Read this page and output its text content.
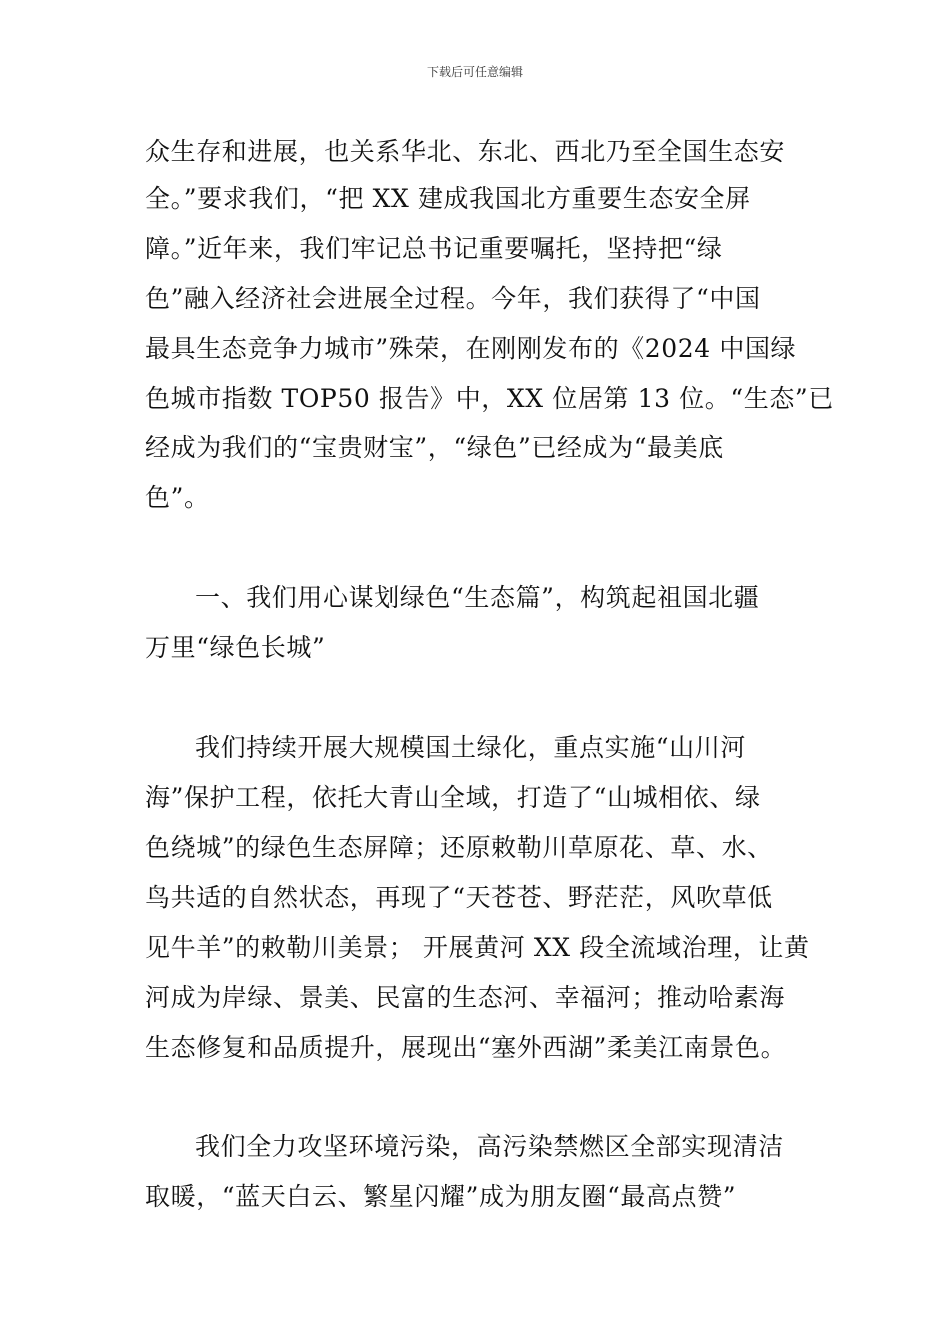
下载后可任意编辑
众生存和进展，也关系华北、东北、西北乃至全国生态安
全。”要求我们，“把 XX 建成我国北方重要生态安全屏
障。”近年来，我们牢记总书记重要嘱托，坚持把“绿
色”融入经济社会进展全过程。今年，我们获得了“中国
最具生态竞争力城市”殊荣，在刚刚发布的《2024 中国绿
色城市指数 TOP50 报告》中，XX 位居第 13 位。“生态”已
经成为我们的“宝贵财宝”，“绿色”已经成为“最美底
色”。
一、我们用心谋划绿色“生态篇”，构筑起祖国北疆
万里“绿色长城”
我们持续开展大规模国土绿化，重点实施“山川河
海”保护工程，依托大青山全域，打造了“山城相依、绿
色绕城”的绿色生态屏障；还原敕勒川草原花、草、水、
鸟共适的自然状态，再现了“天苍苍、野茫茫，风吹草低
见牛羊”的敕勒川美景； 开展黄河 XX 段全流域治理，让黄
河成为岸绿、景美、民富的生态河、幸福河；推动哈素海
生态修复和品质提升，展现出“塞外西湖”柔美江南景色。
我们全力攻坚环境污染，高污染禁燃区全部实现清洁
取暖，“蓝天白云、繁星闪耀”成为朋友圈“最高点赞”
